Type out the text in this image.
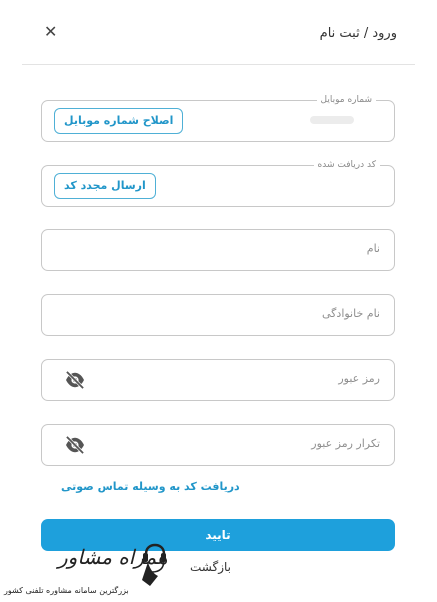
ورود / ثبت نام
✕
شماره موبایل
اصلاح شماره موبایل
کد دریافت شده
ارسال مجدد کد
نام
نام خانوادگی
رمز عبور
تکرار رمز عبور
دریافت کد به وسیله تماس صوتی
تایید
بازگشت
همراه مشاور
بزرگترین سامانه مشاوره تلفنی کشور
